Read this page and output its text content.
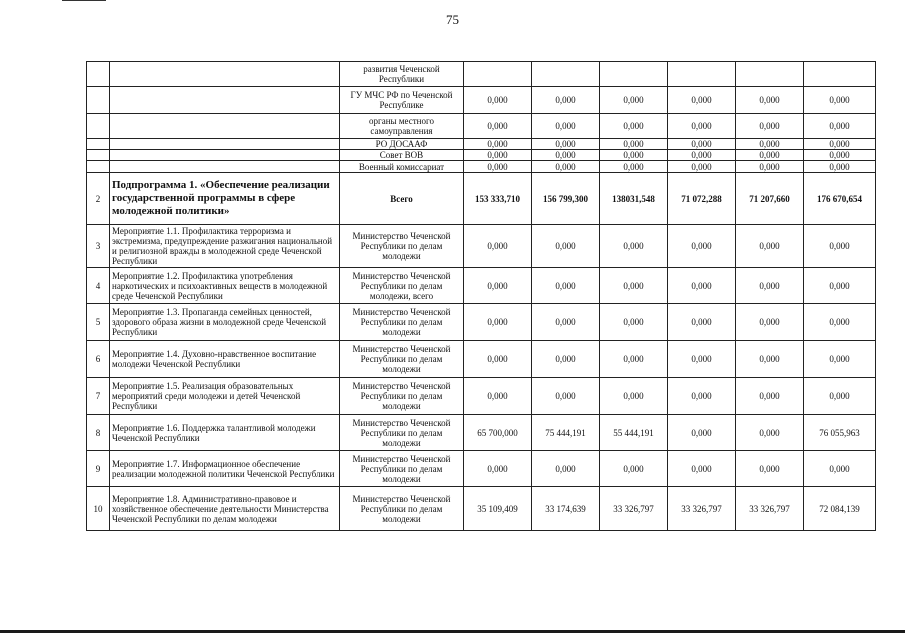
75
		развития Чеченской Республики						
		ГУ МЧС РФ по Чеченской Республике	0,000	0,000	0,000	0,000	0,000	0,000
		органы местного самоуправления	0,000	0,000	0,000	0,000	0,000	0,000
		РО ДОСААФ	0,000	0,000	0,000	0,000	0,000	0,000
		Совет ВОВ	0,000	0,000	0,000	0,000	0,000	0,000
		Военный комиссариат	0,000	0,000	0,000	0,000	0,000	0,000
2	Подпрограмма 1. «Обеспечение реализации государственной программы в сфере молодежной политики»	Всего	153 333,710	156 799,300	138031,548	71 072,288	71 207,660	176 670,654
3	Мероприятие 1.1. Профилактика терроризма и экстремизма, предупреждение разжигания национальной и религиозной вражды в молодежной среде Чеченской Республики	Министерство Чеченской Республики по делам молодежи	0,000	0,000	0,000	0,000	0,000	0,000
4	Мероприятие 1.2. Профилактика употребления наркотических и психоактивных веществ в молодежной среде Чеченской Республики	Министерство Чеченской Республики по делам молодежи, всего	0,000	0,000	0,000	0,000	0,000	0,000
5	Мероприятие 1.3. Пропаганда семейных ценностей, здорового образа жизни в молодежной среде Чеченской Республики	Министерство Чеченской Республики по делам молодежи	0,000	0,000	0,000	0,000	0,000	0,000
6	Мероприятие 1.4. Духовно-нравственное воспитание молодежи Чеченской Республики	Министерство Чеченской Республики по делам молодежи	0,000	0,000	0,000	0,000	0,000	0,000
7	Мероприятие 1.5. Реализация образовательных мероприятий среди молодежи и детей Чеченской Республики	Министерство Чеченской Республики по делам молодежи	0,000	0,000	0,000	0,000	0,000	0,000
8	Мероприятие 1.6. Поддержка талантливой молодежи Чеченской Республики	Министерство Чеченской Республики по делам молодежи	65 700,000	75 444,191	55 444,191	0,000	0,000	76 055,963
9	Мероприятие 1.7. Информационное обеспечение реализации молодежной политики Чеченской Республики	Министерство Чеченской Республики по делам молодежи	0,000	0,000	0,000	0,000	0,000	0,000
10	Мероприятие 1.8. Административно-правовое и хозяйственное обеспечение деятельности Министерства Чеченской Республики по делам молодежи	Министерство Чеченской Республики по делам молодежи	35 109,409	33 174,639	33 326,797	33 326,797	33 326,797	72 084,139
